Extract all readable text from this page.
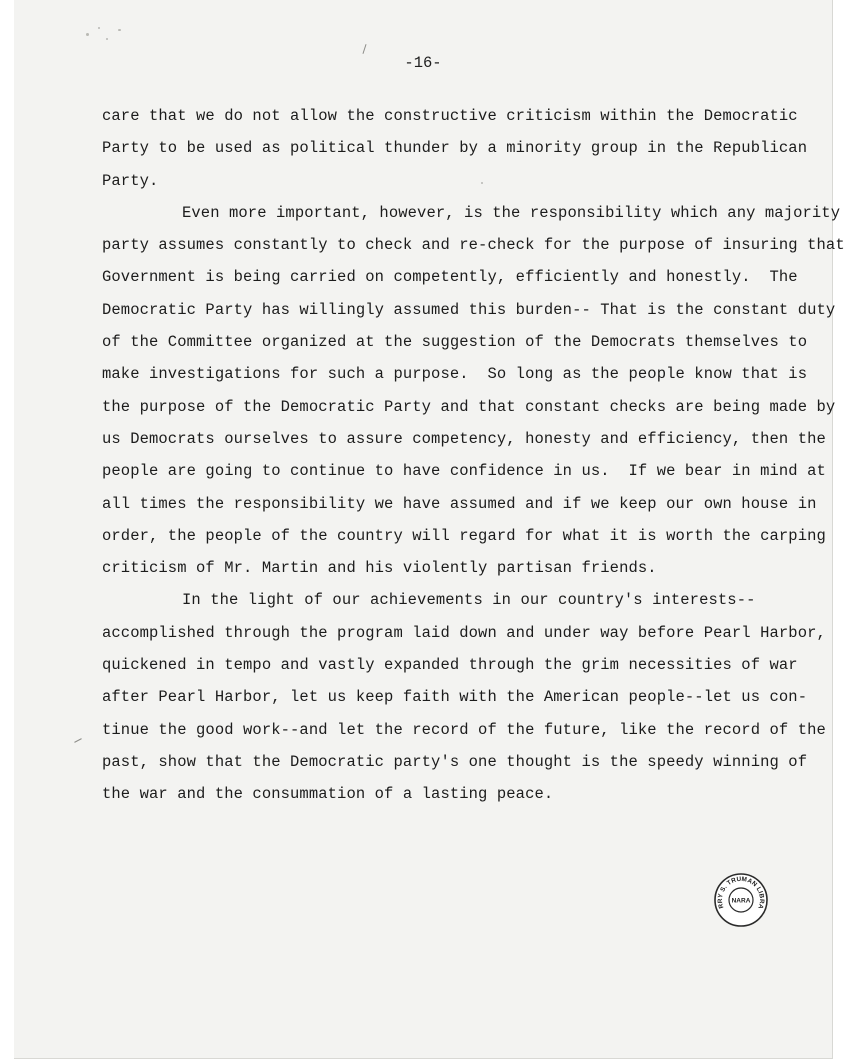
-16-
care that we do not allow the constructive criticism within the Democratic
Party to be used as political thunder by a minority group in the Republican
Party.
Even more important, however, is the responsibility which any majority
party assumes constantly to check and re-check for the purpose of insuring that
Government is being carried on competently, efficiently and honestly.  The
Democratic Party has willingly assumed this burden-- That is the constant duty
of the Committee organized at the suggestion of the Democrats themselves to
make investigations for such a purpose.  So long as the people know that is
the purpose of the Democratic Party and that constant checks are being made by
us Democrats ourselves to assure competency, honesty and efficiency, then the
people are going to continue to have confidence in us.  If we bear in mind at
all times the responsibility we have assumed and if we keep our own house in
order, the people of the country will regard for what it is worth the carping
criticism of Mr. Martin and his violently partisan friends.
In the light of our achievements in our country's interests--
accomplished through the program laid down and under way before Pearl Harbor,
quickened in tempo and vastly expanded through the grim necessities of war
after Pearl Harbor, let us keep faith with the American people--let us con-
tinue the good work--and let the record of the future, like the record of the
past, show that the Democratic party's one thought is the speedy winning of
the war and the consummation of a lasting peace.
RRY S. TRUMAN LIBRA
NARA
